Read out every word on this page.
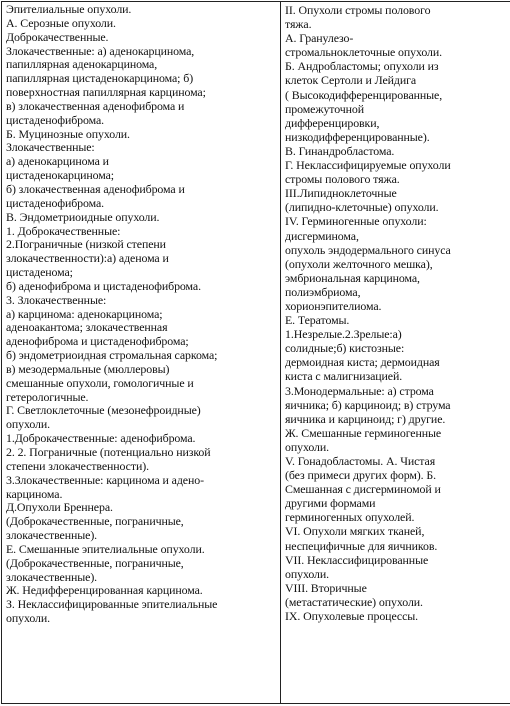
Эпителиальные опухоли.
А. Серозные опухоли.
Доброкачественные.
Злокачественные: а) аденокарцинома,
папиллярная аденокарцинома,
папиллярная цистаденокарцинома; б)
поверхностная папиллярная карцинома;
в) злокачественная аденофиброма и
цистаденофиброма.
Б. Муцинозные опухоли.
Злокачественные:
а) аденокарцинома и
цистаденокарцинома;
б) злокачественная аденофиброма и
цистаденофиброма.
В. Эндометриоидные опухоли.
1. Доброкачественные:
2.Пограничные (низкой степени
злокачественности):а) аденома и
цистаденома;
б) аденофиброма и цистаденофиброма.
3. Злокачественные:
а) карцинома: аденокарцинома;
аденоакантома; злокачественная
аденофиброма и цистаденофиброма;
б) эндометриоидная стромальная саркома;
в) мезодермальные (мюллеровы)
смешанные опухоли, гомологичные и
гетерологичные.
Г. Светлоклеточные (мезонефроидные)
опухоли.
1.Доброкачественные: аденофиброма.
2. 2. Пограничные (потенциально низкой
степени злокачественности).
3.Злокачественные: карцинома и адено-
карцинома.
Д.Опухоли Бреннера.
(Доброкачественные, пограничные,
злокачественные).
Е. Смешанные эпителиальные опухоли.
(Доброкачественные, пограничные,
злокачественные).
Ж. Недифференцированная карцинома.
З. Неклассифицированные эпителиальные
опухоли.

II. Опухоли стромы полового
тяжа.
А. Гранулезо-
стромальноклеточные опухоли.
Б. Андробластомы; опухоли из
клеток Сертоли и Лейдига
( Высокодифференцированные,
промежуточной
дифференцировки,
низкодифференцированные).
В. Гинандробластома.
Г. Неклассифицируемые опухоли
стромы полового тяжа.
III.Липидноклеточные
(липидно-клеточные) опухоли.
IV. Герминогенные опухоли:
дисгерминома,
опухоль эндодермального синуса
(опухоли желточного мешка),
эмбриональная карцинома,
полиэмбриома,
хорионэпителиома.
Е. Тератомы.
1.Незрелые.2.Зрелые:а)
солидные;б) кистозные:
дермоидная киста; дермоидная
киста с малигнизацией.
3.Монодермальные: а) строма
яичника; б) карциноид; в) струма
яичника и карциноид; г) другие.
Ж. Смешанные герминогенные
опухоли.
V. Гонадобластомы. А. Чистая
(без примеси других форм). Б.
Смешанная с дисгерминомой и
другими формами
герминогенных опухолей.
VI. Опухоли мягких тканей,
неспецифичные для яичников.
VII. Неклассифицированные
опухоли.
VIII. Вторичные
(метастатические) опухоли.
IX. Опухолевые процессы.
